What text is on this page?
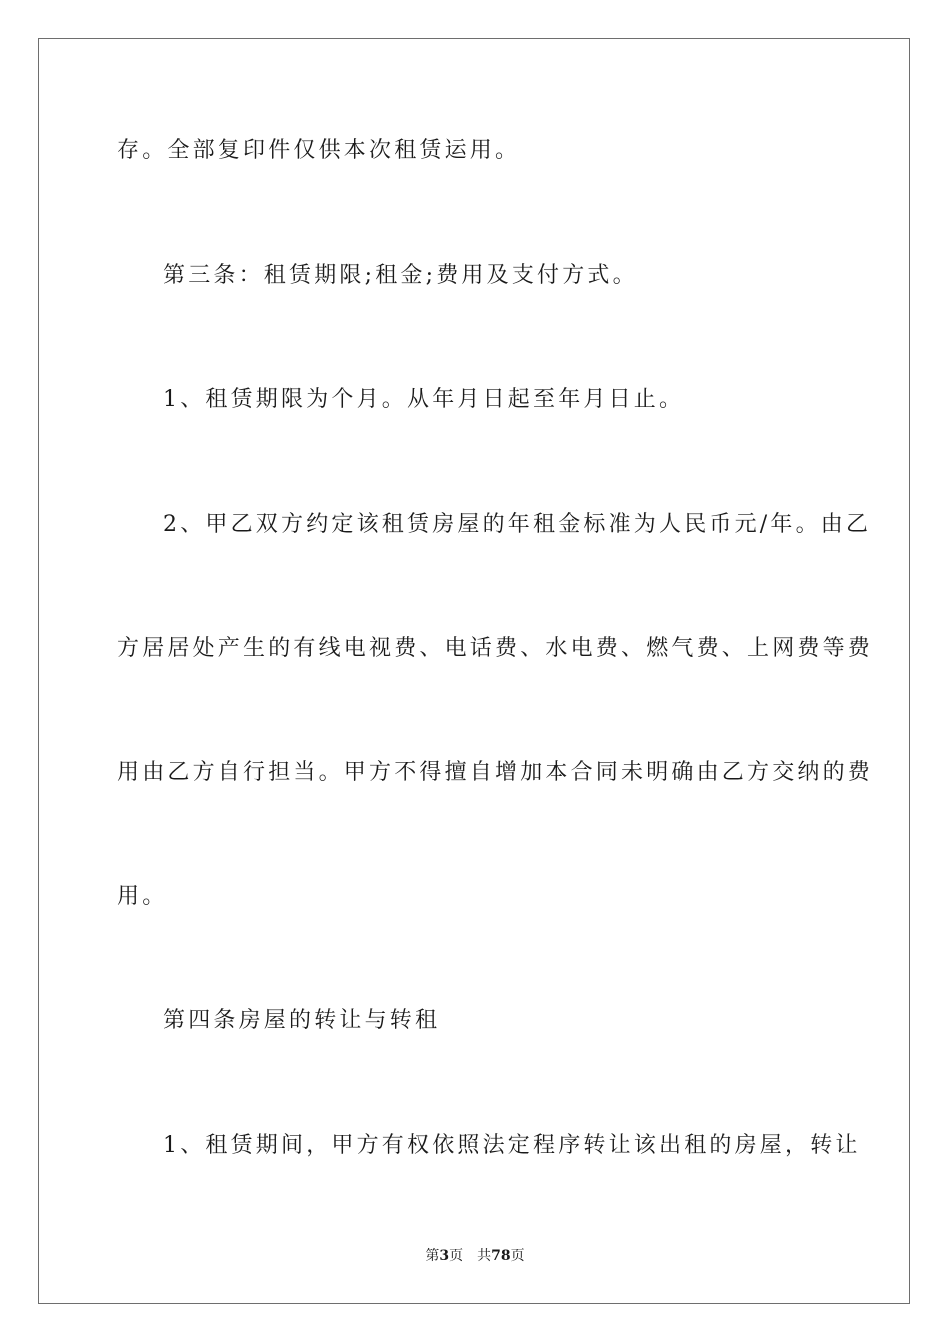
存。全部复印件仅供本次租赁运用。
第三条：租赁期限;租金;费用及支付方式。
1、租赁期限为个月。从年月日起至年月日止。
2、甲乙双方约定该租赁房屋的年租金标准为人民币元/年。由乙
方居居处产生的有线电视费、电话费、水电费、燃气费、上网费等费
用由乙方自行担当。甲方不得擅自增加本合同未明确由乙方交纳的费
用。
第四条房屋的转让与转租
1、租赁期间，甲方有权依照法定程序转让该出租的房屋，转让
第3页 共78页
